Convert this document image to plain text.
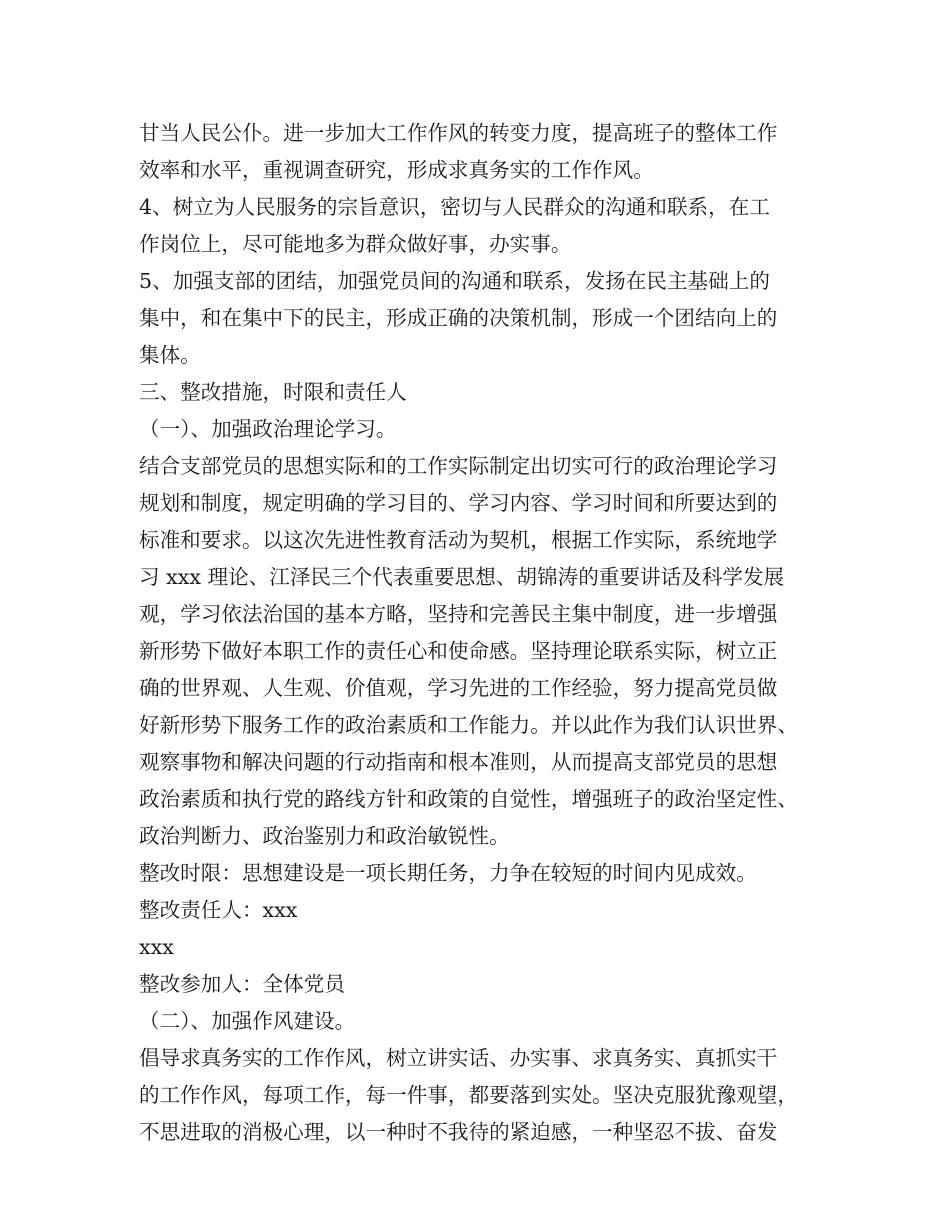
甘当人民公仆。进一步加大工作作风的转变力度，提高班子的整体工作
效率和水平，重视调查研究，形成求真务实的工作作风。
4、树立为人民服务的宗旨意识，密切与人民群众的沟通和联系，在工
作岗位上，尽可能地多为群众做好事，办实事。
5、加强支部的团结，加强党员间的沟通和联系，发扬在民主基础上的
集中，和在集中下的民主，形成正确的决策机制，形成一个团结向上的
集体。
三、整改措施，时限和责任人
（一）、加强政治理论学习。
结合支部党员的思想实际和的工作实际制定出切实可行的政治理论学习
规划和制度，规定明确的学习目的、学习内容、学习时间和所要达到的
标准和要求。以这次先进性教育活动为契机，根据工作实际，系统地学
习 xxx 理论、江泽民三个代表重要思想、胡锦涛的重要讲话及科学发展
观，学习依法治国的基本方略，坚持和完善民主集中制度，进一步增强
新形势下做好本职工作的责任心和使命感。坚持理论联系实际，树立正
确的世界观、人生观、价值观，学习先进的工作经验，努力提高党员做
好新形势下服务工作的政治素质和工作能力。并以此作为我们认识世界、
观察事物和解决问题的行动指南和根本准则，从而提高支部党员的思想
政治素质和执行党的路线方针和政策的自觉性，增强班子的政治坚定性、
政治判断力、政治鉴别力和政治敏锐性。
整改时限：思想建设是一项长期任务，力争在较短的时间内见成效。
整改责任人：xxx
xxx
整改参加人：全体党员
（二）、加强作风建设。
倡导求真务实的工作作风，树立讲实话、办实事、求真务实、真抓实干
的工作作风，每项工作，每一件事，都要落到实处。坚决克服犹豫观望，
不思进取的消极心理，以一种时不我待的紧迫感，一种坚忍不拔、奋发
